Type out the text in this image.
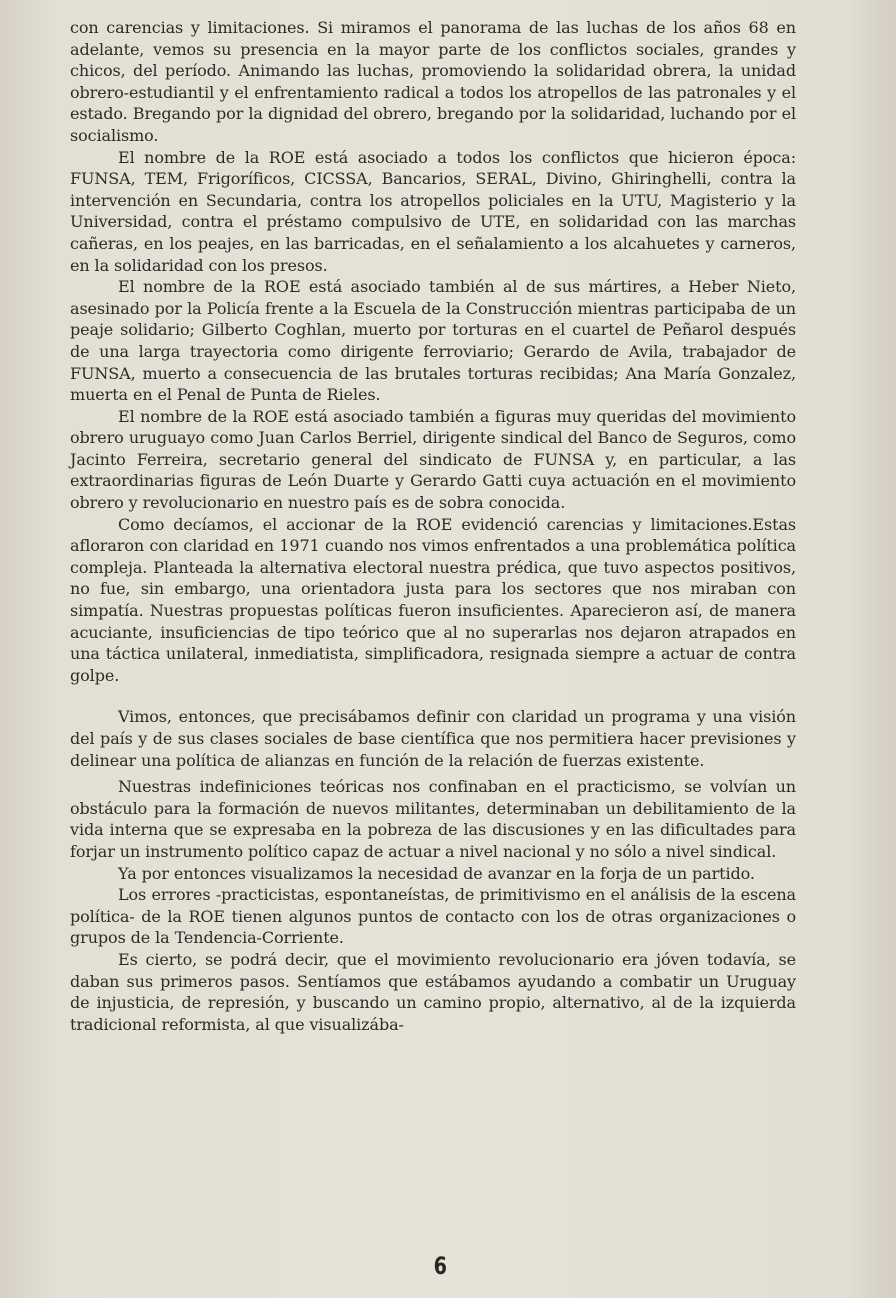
con carencias y limitaciones. Si miramos el panorama de las luchas de los años 68 en adelante, vemos su presencia en la mayor parte de los conflictos sociales, grandes y chicos, del período. Animando las luchas, promoviendo la solidaridad obrera, la unidad obrero-estudiantil y el enfrentamiento radical a todos los atropellos de las patronales y el estado. Bregando por la dignidad del obrero, bregando por la solidaridad, luchando por el socialismo.

El nombre de la ROE está asociado a todos los conflictos que hicieron época: FUNSA, TEM, Frigoríficos, CICSSA, Bancarios, SERAL, Divino, Ghiringhelli, contra la intervención en Secundaria, contra los atropellos policiales en la UTU, Magisterio y la Universidad, contra el préstamo compulsivo de UTE, en solidaridad con las marchas cañeras, en los peajes, en las barricadas, en el señalamiento a los alcahuetes y carneros, en la solidaridad con los presos.

El nombre de la ROE está asociado también al de sus mártires, a Heber Nieto, asesinado por la Policía frente a la Escuela de la Construcción mientras participaba de un peaje solidario; Gilberto Coghlan, muerto por torturas en el cuartel de Peñarol después de una larga trayectoria como dirigente ferroviario; Gerardo de Avila, trabajador de FUNSA, muerto a consecuencia de las brutales torturas recibidas; Ana María Gonzalez, muerta en el Penal de Punta de Rieles.

El nombre de la ROE está asociado también a figuras muy queridas del movimiento obrero uruguayo como Juan Carlos Berriel, dirigente sindical del Banco de Seguros, como Jacinto Ferreira, secretario general del sindicato de FUNSA y, en particular, a las extraordinarias figuras de León Duarte y Gerardo Gatti cuya actuación en el movimiento obrero y revolucionario en nuestro país es de sobra conocida.

Como decíamos, el accionar de la ROE evidenció carencias y limitaciones.Estas afloraron con claridad en 1971 cuando nos vimos enfrentados a una problemática política compleja. Planteada la alternativa electoral nuestra prédica, que tuvo aspectos positivos, no fue, sin embargo, una orientadora justa para los sectores que nos miraban con simpatía. Nuestras propuestas políticas fueron insuficientes. Aparecieron así, de manera acuciante, insuficiencias de tipo teórico que al no superarlas nos dejaron atrapados en una táctica unilateral, inmediatista, simplificadora, resignada siempre a actuar de contra golpe.

Vimos, entonces, que precisábamos definir con claridad un programa y una visión del país y de sus clases sociales de base científica que nos permitiera hacer previsiones y delinear una política de alianzas en función de la relación de fuerzas existente.

Nuestras indefiniciones teóricas nos confinaban en el practicismo, se volvían un obstáculo para la formación de nuevos militantes, determinaban un debilitamiento de la vida interna que se expresaba en la pobreza de las discusiones y en las dificultades para forjar un instrumento político capaz de actuar a nivel nacional y no sólo a nivel sindical.

Ya por entonces visualizamos la necesidad de avanzar en la forja de un partido.

Los errores -practicistas, espontaneístas, de primitivismo en el análisis de la escena política- de la ROE tienen algunos puntos de contacto con los de otras organizaciones o grupos de la Tendencia-Corriente.

Es cierto, se podrá decir, que el movimiento revolucionario era jóven todavía, se daban sus primeros pasos. Sentíamos que estábamos ayudando a combatir un Uruguay de injusticia, de represión, y buscando un camino propio, alternativo, al de la izquierda tradicional reformista, al que visualizába-

6
